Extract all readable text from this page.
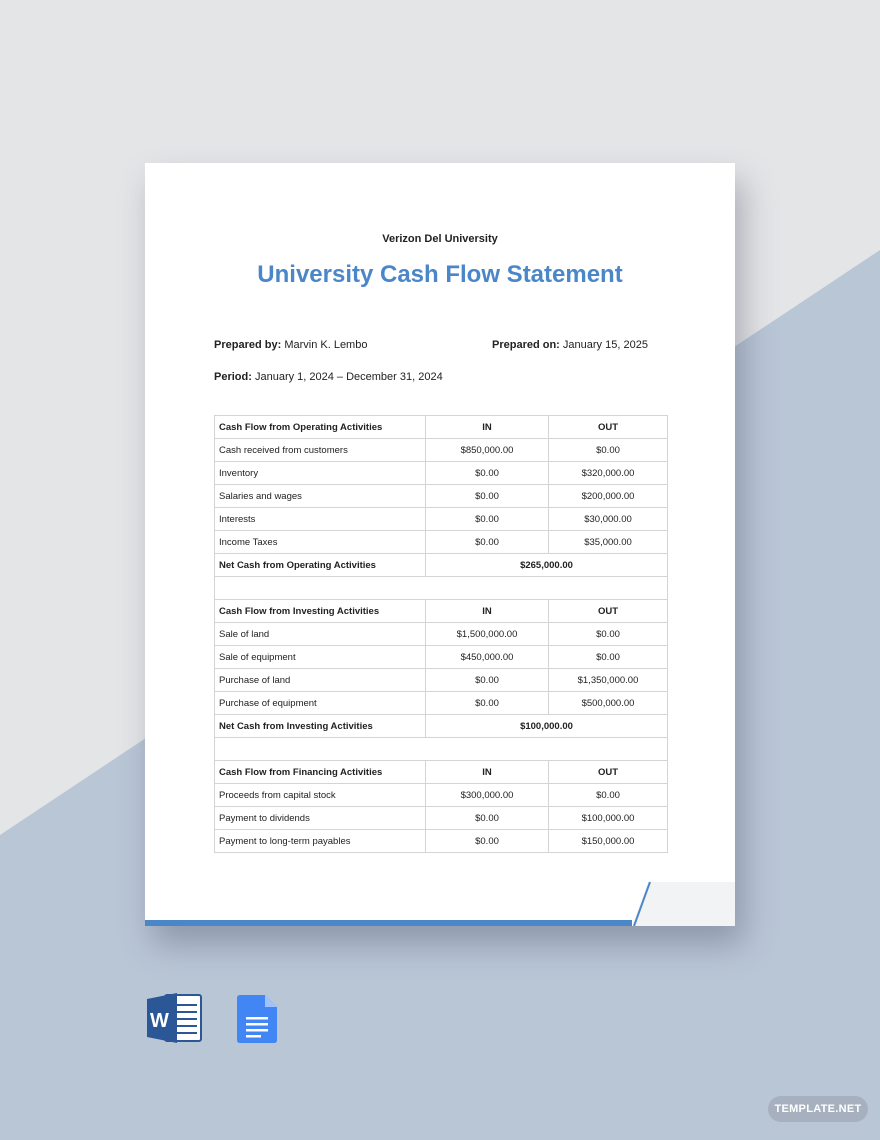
Verizon Del University
University Cash Flow Statement
Prepared by: Marvin K. Lembo	Prepared on: January 15, 2025
Period: January 1, 2024 – December 31, 2024
Cash Flow from Operating Activities	IN	OUT
Cash received from customers	$850,000.00	$0.00
Inventory	$0.00	$320,000.00
Salaries and wages	$0.00	$200,000.00
Interests	$0.00	$30,000.00
Income Taxes	$0.00	$35,000.00
Net Cash from Operating Activities	$265,000.00	

Cash Flow from Investing Activities	IN	OUT
Sale of land	$1,500,000.00	$0.00
Sale of equipment	$450,000.00	$0.00
Purchase of land	$0.00	$1,350,000.00
Purchase of equipment	$0.00	$500,000.00
Net Cash from Investing Activities	$100,000.00	

Cash Flow from Financing Activities	IN	OUT
Proceeds from capital stock	$300,000.00	$0.00
Payment to dividends	$0.00	$100,000.00
Payment to long-term payables	$0.00	$150,000.00
W
TEMPLATE.NET
